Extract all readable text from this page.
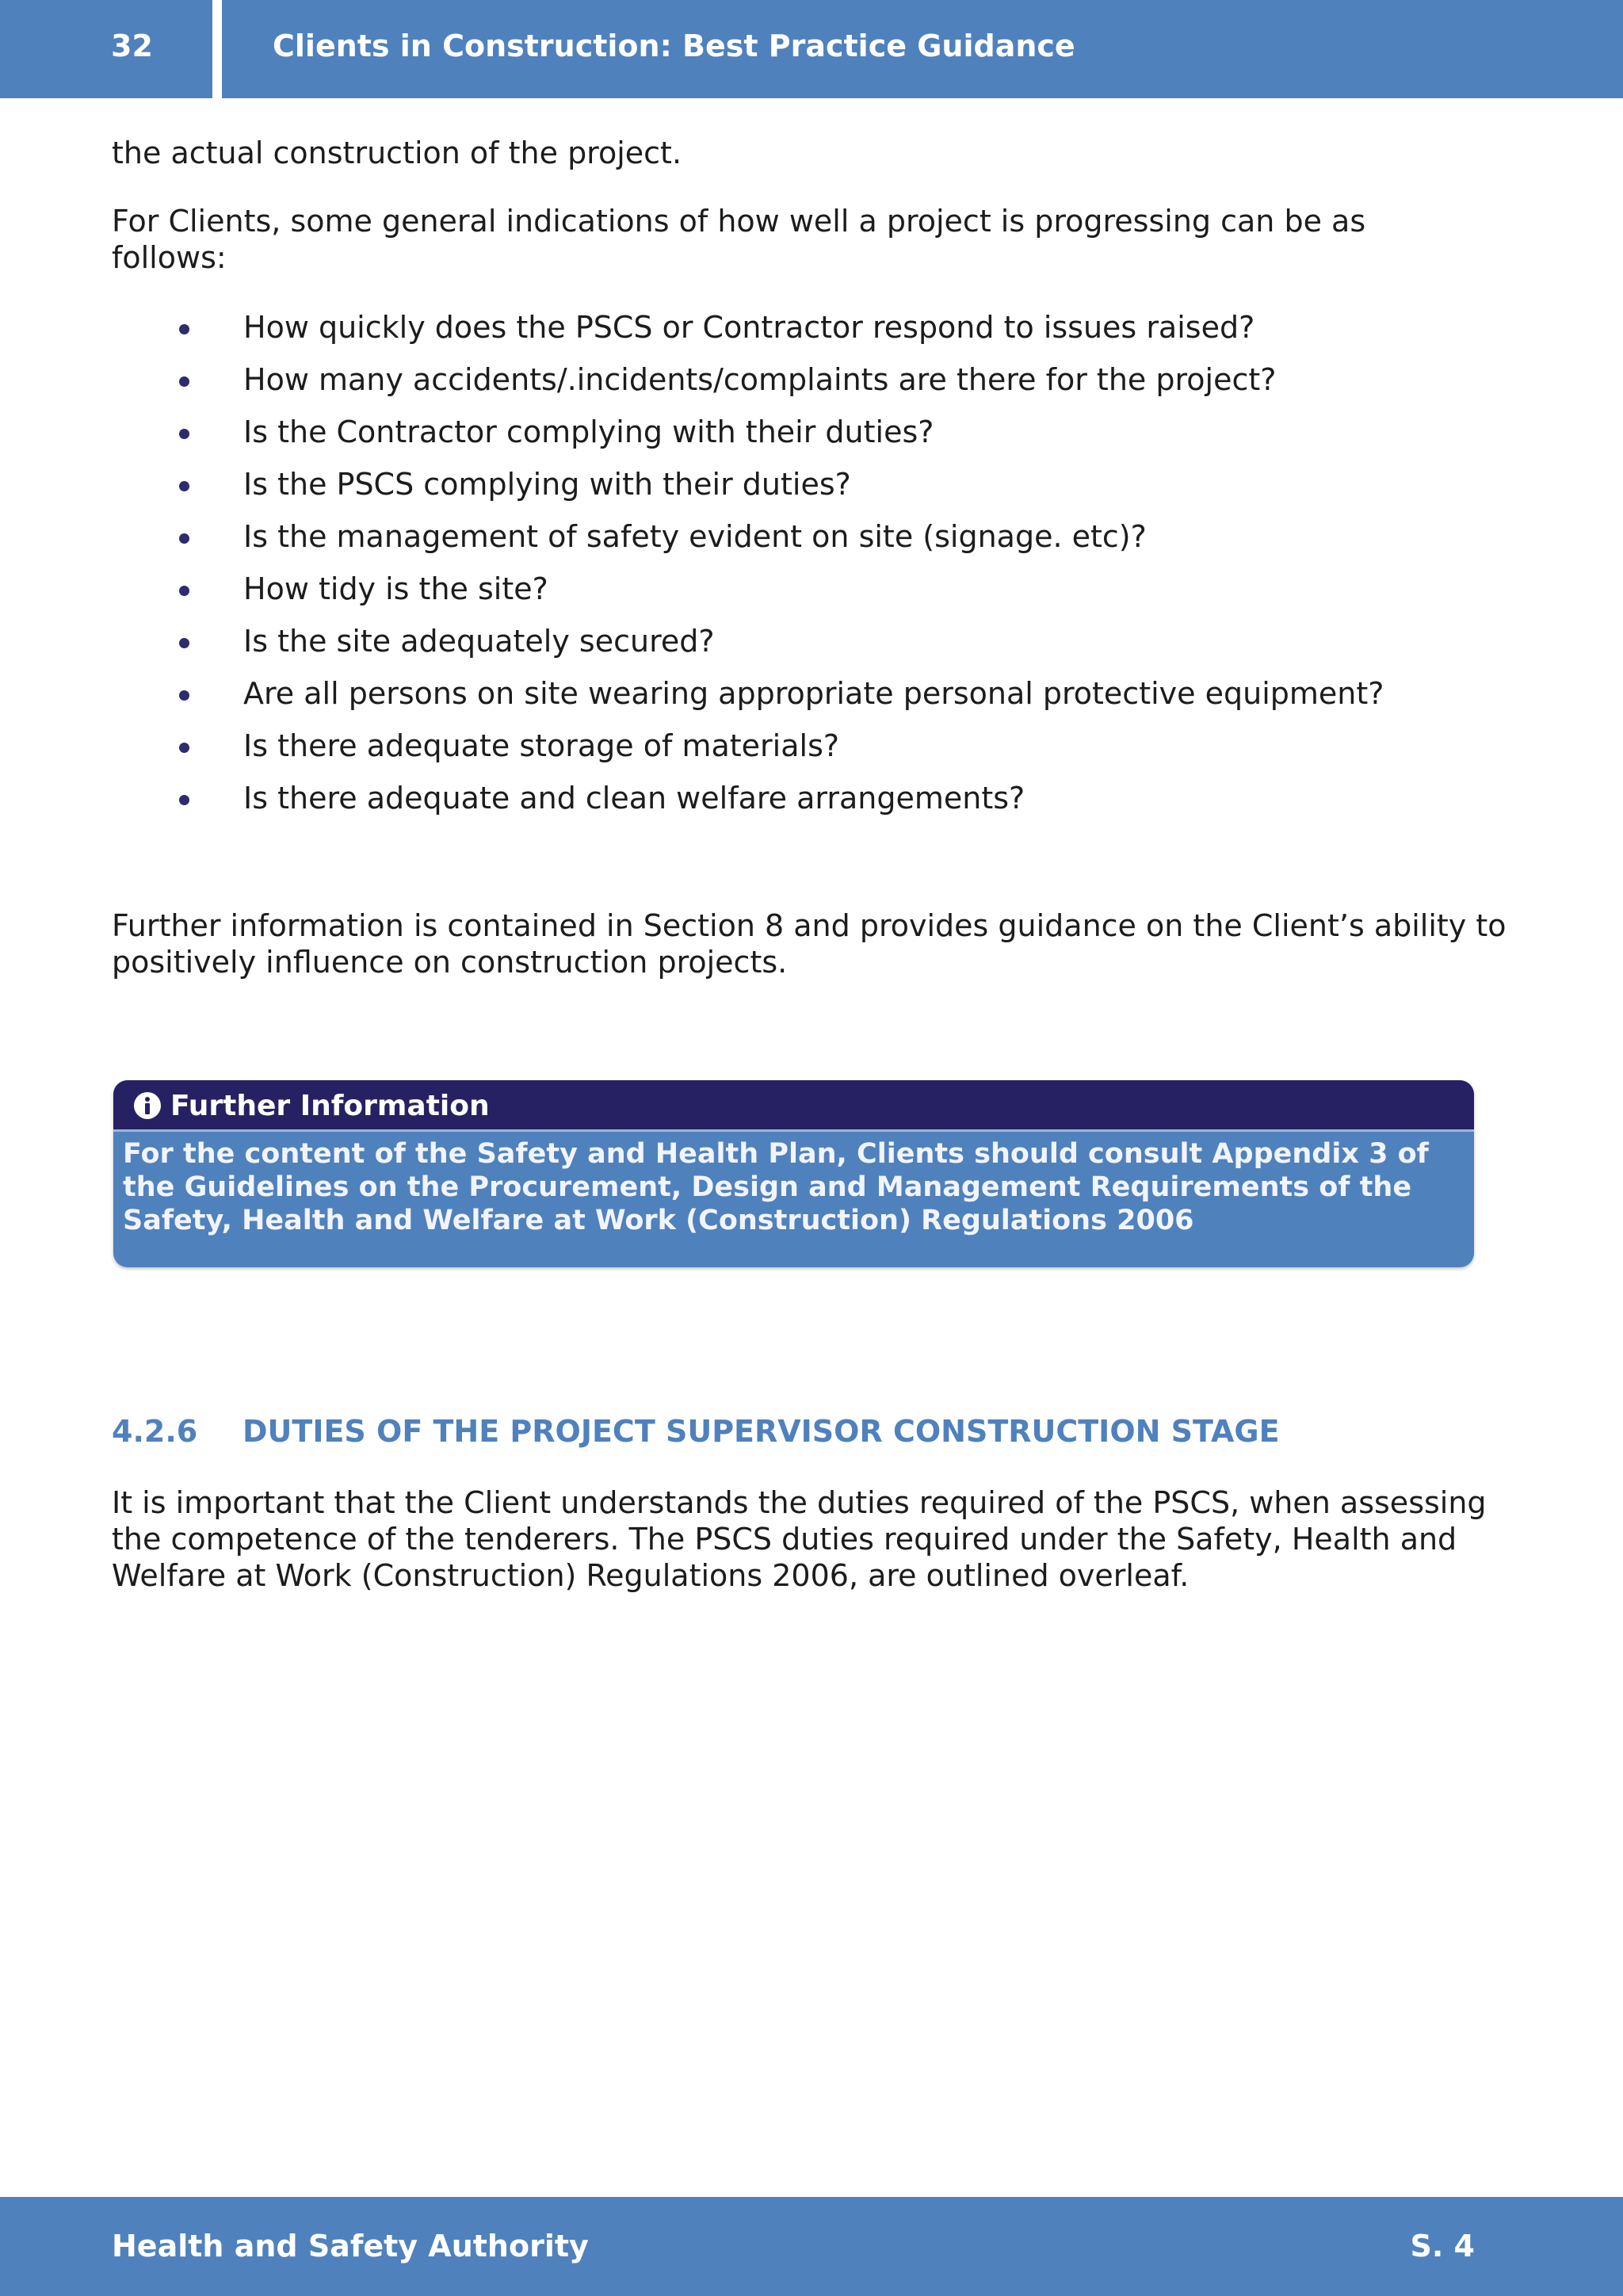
32	Clients in Construction: Best Practice Guidance

the actual construction of the project.

For Clients, some general indications of how well a project is progressing can be as follows:

How quickly does the PSCS or Contractor respond to issues raised?
How many accidents/.incidents/complaints are there for the project?
Is the Contractor complying with their duties?
Is the PSCS complying with their duties?
Is the management of safety evident on site (signage. etc)?
How tidy is the site?
Is the site adequately secured?
Are all persons on site wearing appropriate personal protective equipment?
Is there adequate storage of materials?
Is there adequate and clean welfare arrangements?

Further information is contained in Section 8 and provides guidance on the Client’s ability to positively influence on construction projects.

Further Information
For the content of the Safety and Health Plan, Clients should consult Appendix 3 of the Guidelines on the Procurement, Design and Management Requirements of the Safety, Health and Welfare at Work (Construction) Regulations 2006
4.2.6 DUTIES OF THE PROJECT SUPERVISOR CONSTRUCTION STAGE

It is important that the Client understands the duties required of the PSCS, when assessing the competence of the tenderers. The PSCS duties required under the Safety, Health and Welfare at Work (Construction) Regulations 2006, are outlined overleaf.

Health and Safety Authority	S. 4
